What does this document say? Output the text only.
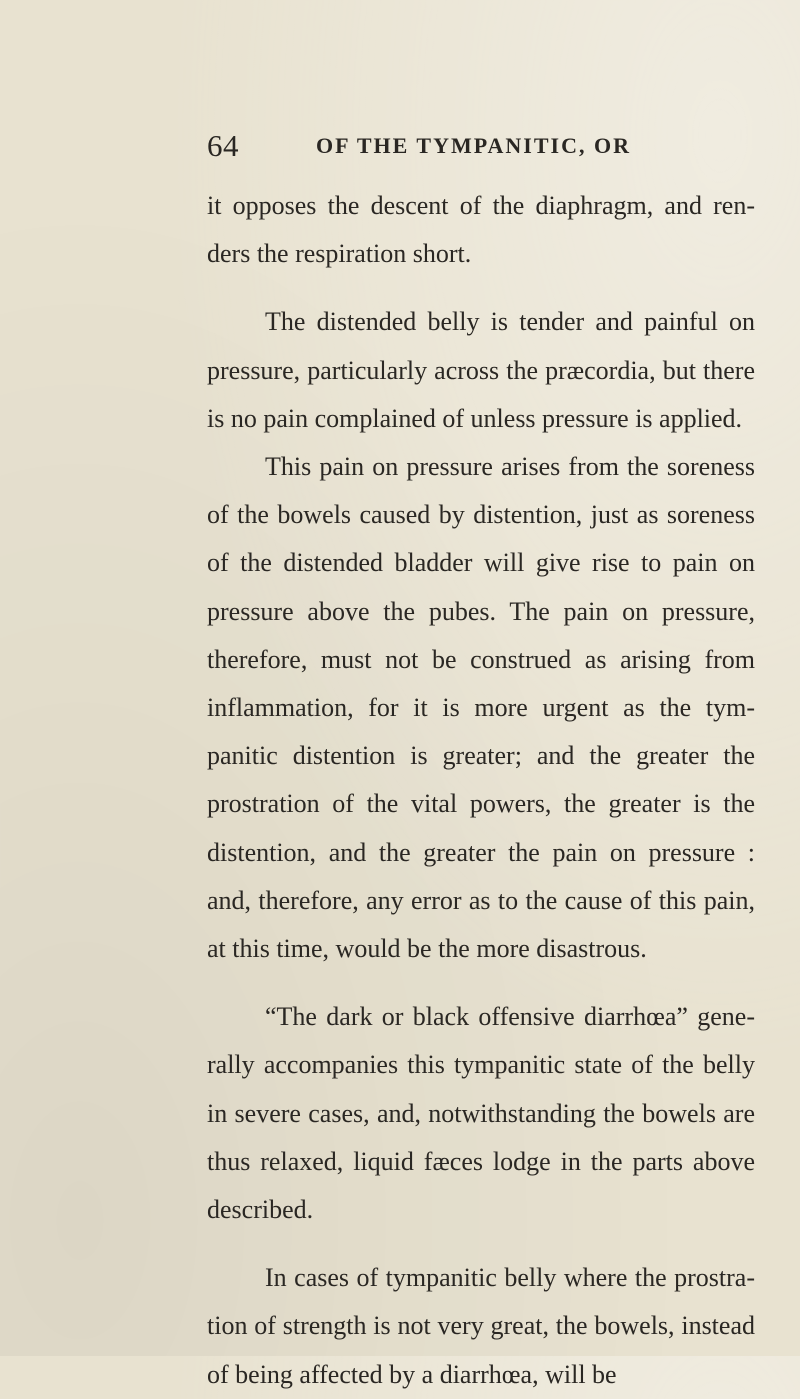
64	OF THE TYMPANITIC, OR

it opposes the descent of the diaphragm, and ren-ders the respiration short.

The distended belly is tender and painful on pressure, particularly across the præcordia, but there is no pain complained of unless pressure is applied.

This pain on pressure arises from the soreness of the bowels caused by distention, just as soreness of the distended bladder will give rise to pain on pressure above the pubes. The pain on pressure, therefore, must not be construed as arising from inflammation, for it is more urgent as the tym-panitic distention is greater; and the greater the prostration of the vital powers, the greater is the distention, and the greater the pain on pressure : and, therefore, any error as to the cause of this pain, at this time, would be the more disastrous.

“The dark or black offensive diarrhœa” gene-rally accompanies this tympanitic state of the belly in severe cases, and, notwithstanding the bowels are thus relaxed, liquid fæces lodge in the parts above described.

In cases of tympanitic belly where the prostra-tion of strength is not very great, the bowels, instead of being affected by a diarrhœa, will be
